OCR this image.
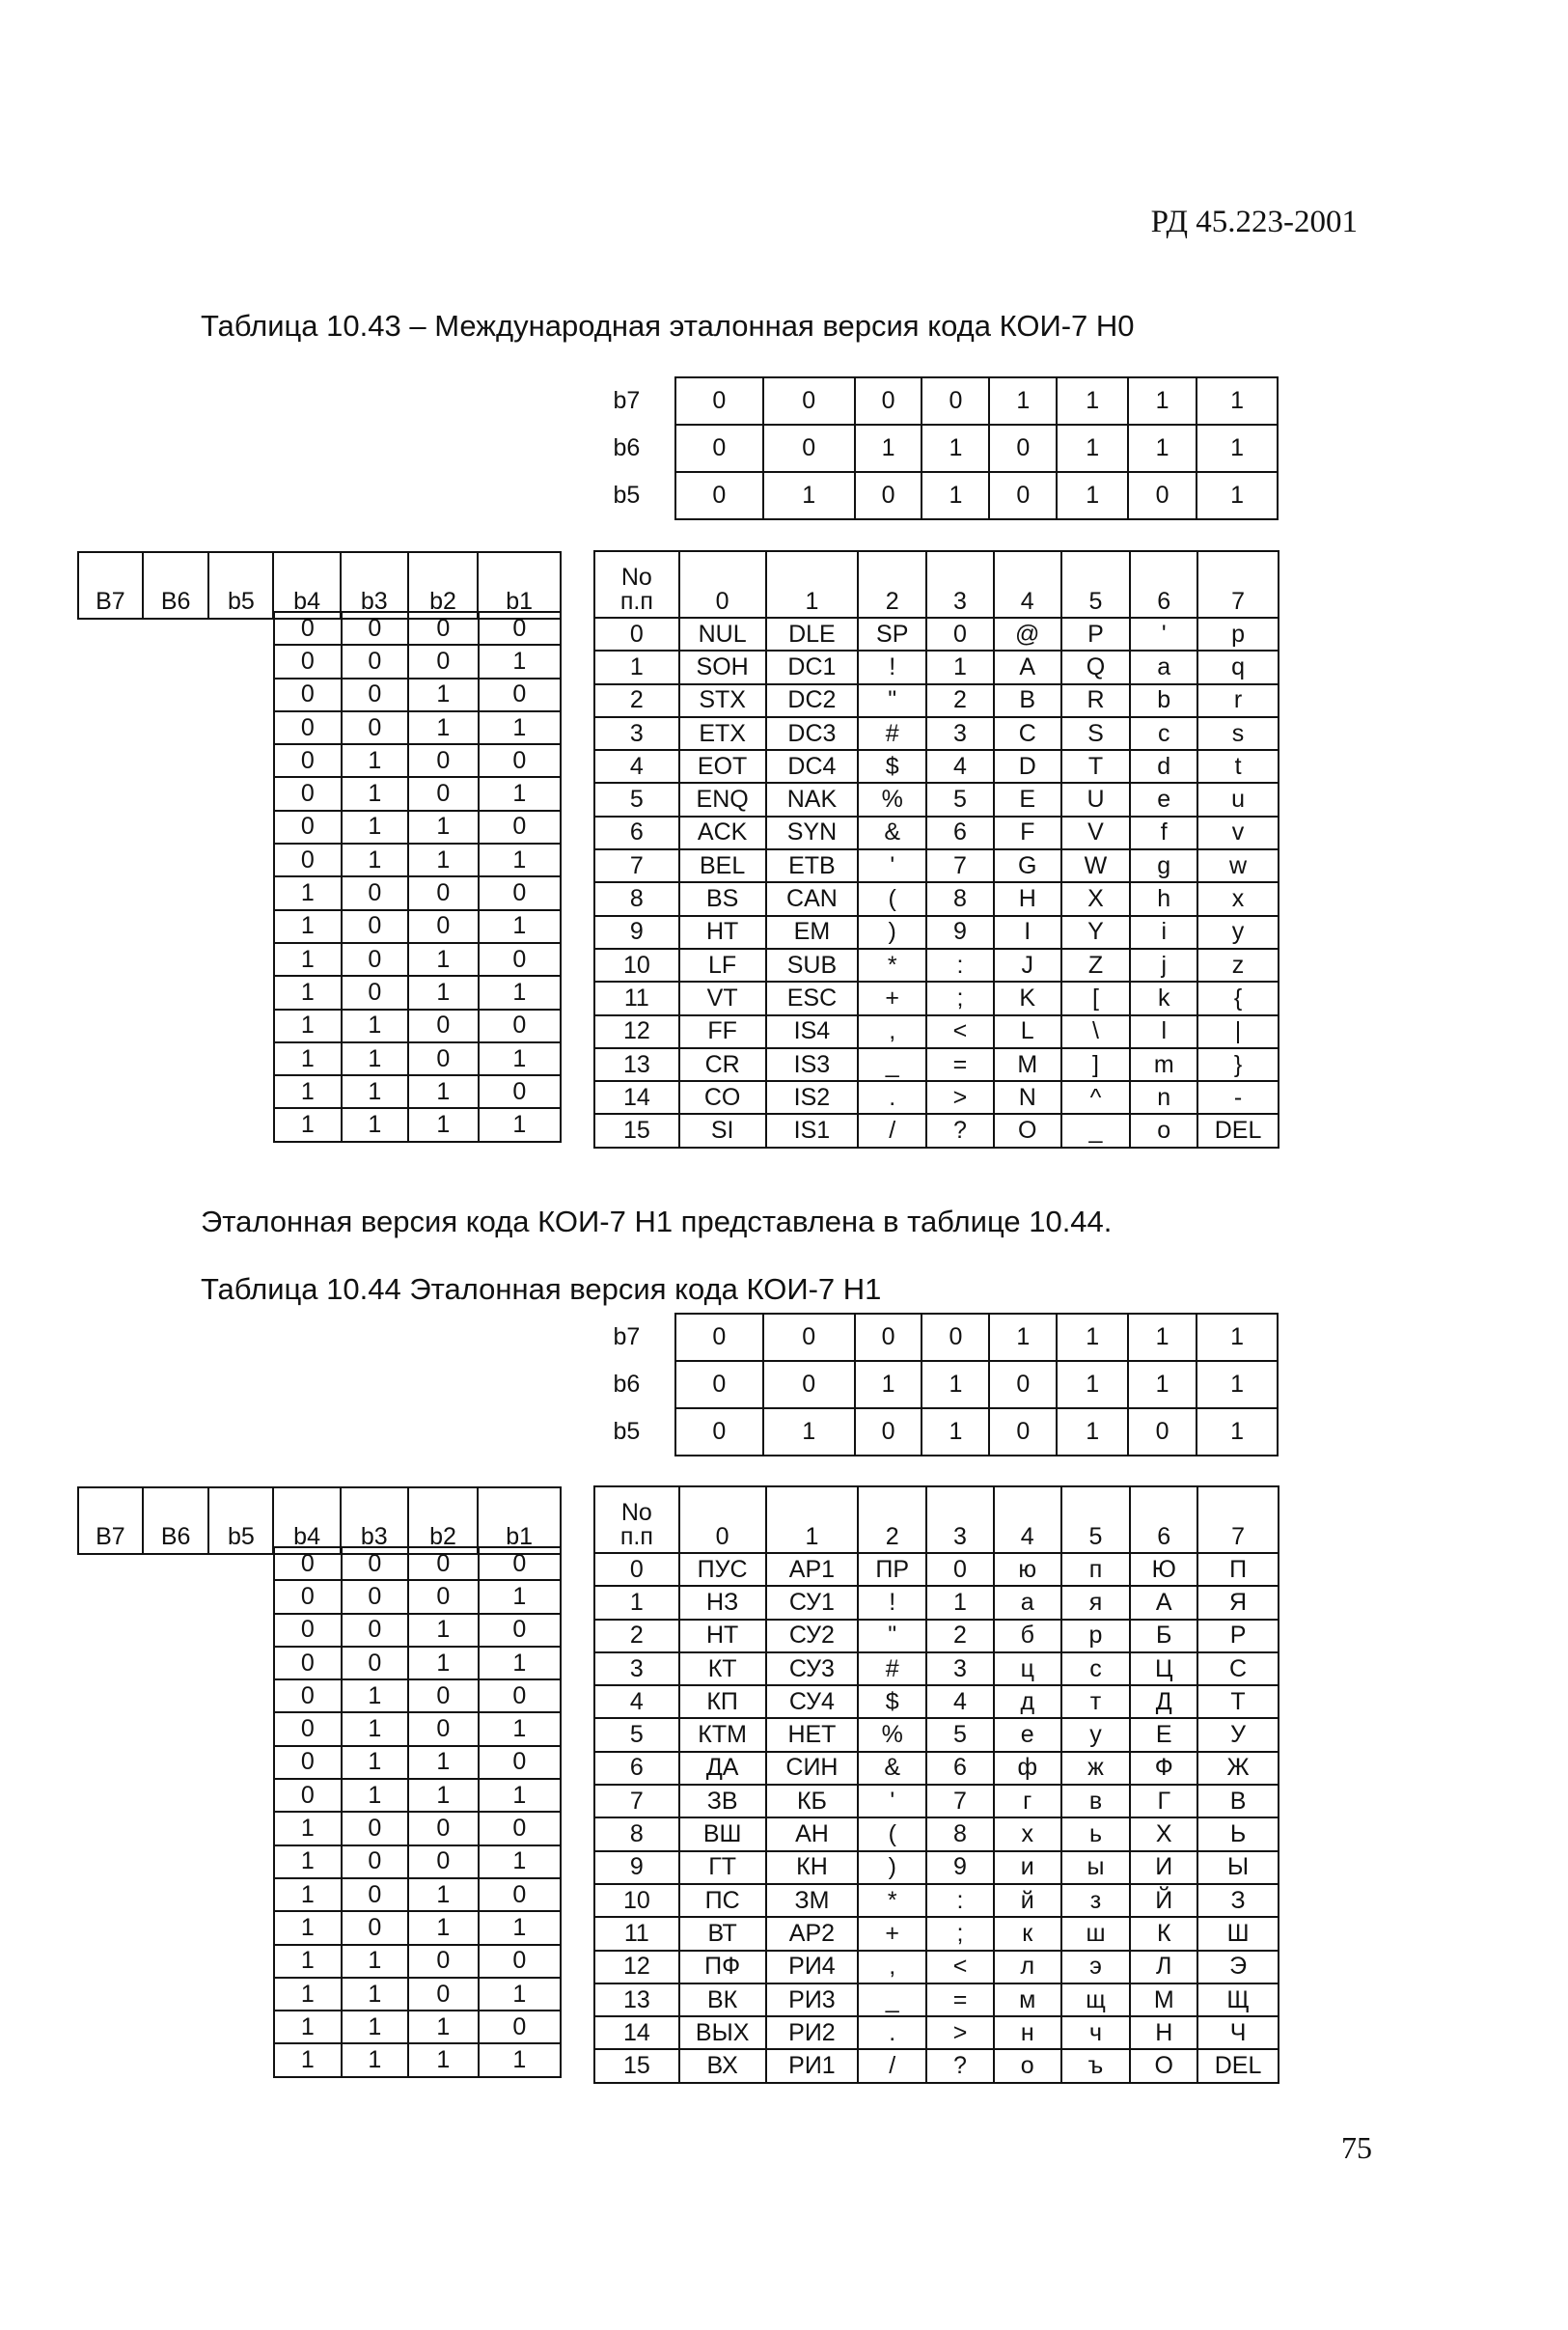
РД 45.223-2001
Таблица 10.43 – Международная эталонная версия кода КОИ-7 Н0
b7	0	0	0	0	1	1	1	1
b6	0	0	1	1	0	1	1	1
b5	0	1	0	1	0	1	0	1
B7	B6	b5	b4	b3	b2	b1
0	0	0	0
0	0	0	1
0	0	1	0
0	0	1	1
0	1	0	0
0	1	0	1
0	1	1	0
0	1	1	1
1	0	0	0
1	0	0	1
1	0	1	0
1	0	1	1
1	1	0	0
1	1	0	1
1	1	1	0
1	1	1	1
No
п.п	0	1	2	3	4	5	6	7
0	NUL	DLE	SP	0	@	P	'	p
1	SOH	DC1	!	1	A	Q	a	q
2	STX	DC2	"	2	B	R	b	r
3	ETX	DC3	#	3	C	S	c	s
4	EOT	DC4	$	4	D	T	d	t
5	ENQ	NAK	%	5	E	U	e	u
6	ACK	SYN	&	6	F	V	f	v
7	BEL	ETB	'	7	G	W	g	w
8	BS	CAN	(	8	H	X	h	x
9	HT	EM	)	9	I	Y	i	y
10	LF	SUB	*	:	J	Z	j	z
11	VT	ESC	+	;	K	[	k	{
12	FF	IS4	,	<	L	\	l	|
13	CR	IS3	_	=	M	]	m	}
14	CO	IS2	.	>	N	^	n	-
15	SI	IS1	/	?	O	_	o	DEL
Эталонная версия кода КОИ-7 Н1 представлена в таблице 10.44.
Таблица 10.44 Эталонная версия кода КОИ-7 Н1
b7	0	0	0	0	1	1	1	1
b6	0	0	1	1	0	1	1	1
b5	0	1	0	1	0	1	0	1
B7	B6	b5	b4	b3	b2	b1
0	0	0	0
0	0	0	1
0	0	1	0
0	0	1	1
0	1	0	0
0	1	0	1
0	1	1	0
0	1	1	1
1	0	0	0
1	0	0	1
1	0	1	0
1	0	1	1
1	1	0	0
1	1	0	1
1	1	1	0
1	1	1	1
No
п.п	0	1	2	3	4	5	6	7
0	ПУС	АР1	ПР	0	ю	п	Ю	П
1	НЗ	СУ1	!	1	а	я	А	Я
2	НТ	СУ2	"	2	б	р	Б	Р
3	КТ	СУ3	#	3	ц	с	Ц	С
4	КП	СУ4	$	4	д	т	Д	Т
5	КТМ	НЕТ	%	5	е	у	Е	У
6	ДА	СИН	&	6	ф	ж	Ф	Ж
7	ЗВ	КБ	'	7	г	в	Г	В
8	ВШ	АН	(	8	х	ь	Х	Ь
9	ГТ	КН	)	9	и	ы	И	Ы
10	ПС	ЗМ	*	:	й	з	Й	З
11	ВТ	АР2	+	;	к	ш	К	Ш
12	ПФ	РИ4	,	<	л	э	Л	Э
13	ВК	РИ3	_	=	м	щ	М	Щ
14	ВЫХ	РИ2	.	>	н	ч	Н	Ч
15	ВХ	РИ1	/	?	о	ъ	О	DEL
75
